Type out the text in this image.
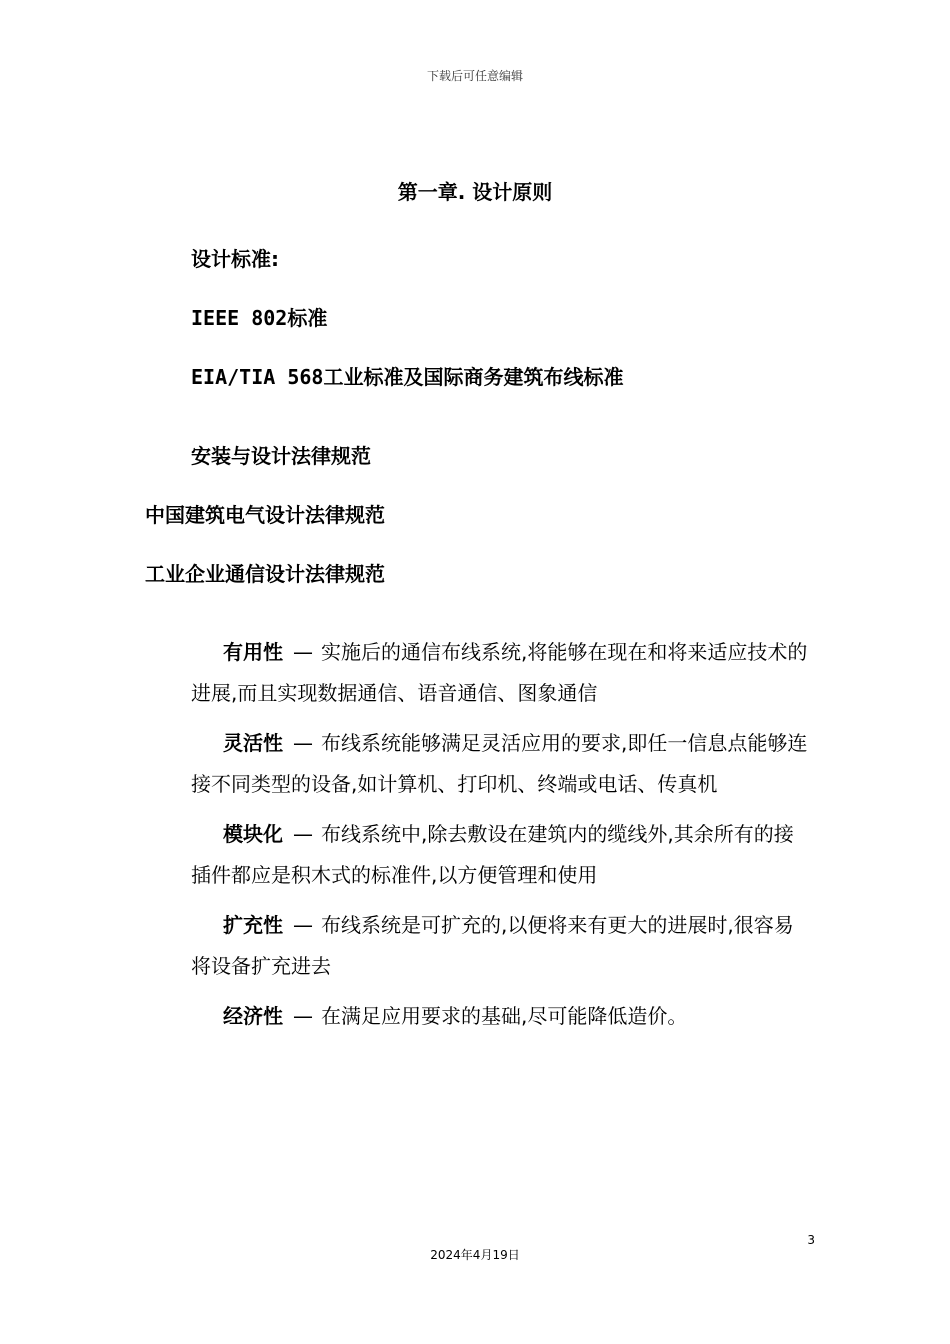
下载后可任意编辑
第一章. 设计原则
设计标准:
IEEE 802标准
EIA/TIA 568工业标准及国际商务建筑布线标准
安装与设计法律规范
中国建筑电气设计法律规范
工业企业通信设计法律规范

有用性 — 实施后的通信布线系统,将能够在现在和将来适应技术的进展,而且实现数据通信、语音通信、图象通信

灵活性 — 布线系统能够满足灵活应用的要求,即任一信息点能够连接不同类型的设备,如计算机、打印机、终端或电话、传真机

模块化 — 布线系统中,除去敷设在建筑内的缆线外,其余所有的接插件都应是积木式的标准件,以方便管理和使用

扩充性 — 布线系统是可扩充的,以便将来有更大的进展时,很容易将设备扩充进去

经济性 — 在满足应用要求的基础,尽可能降低造价。

3
2024年4月19日
